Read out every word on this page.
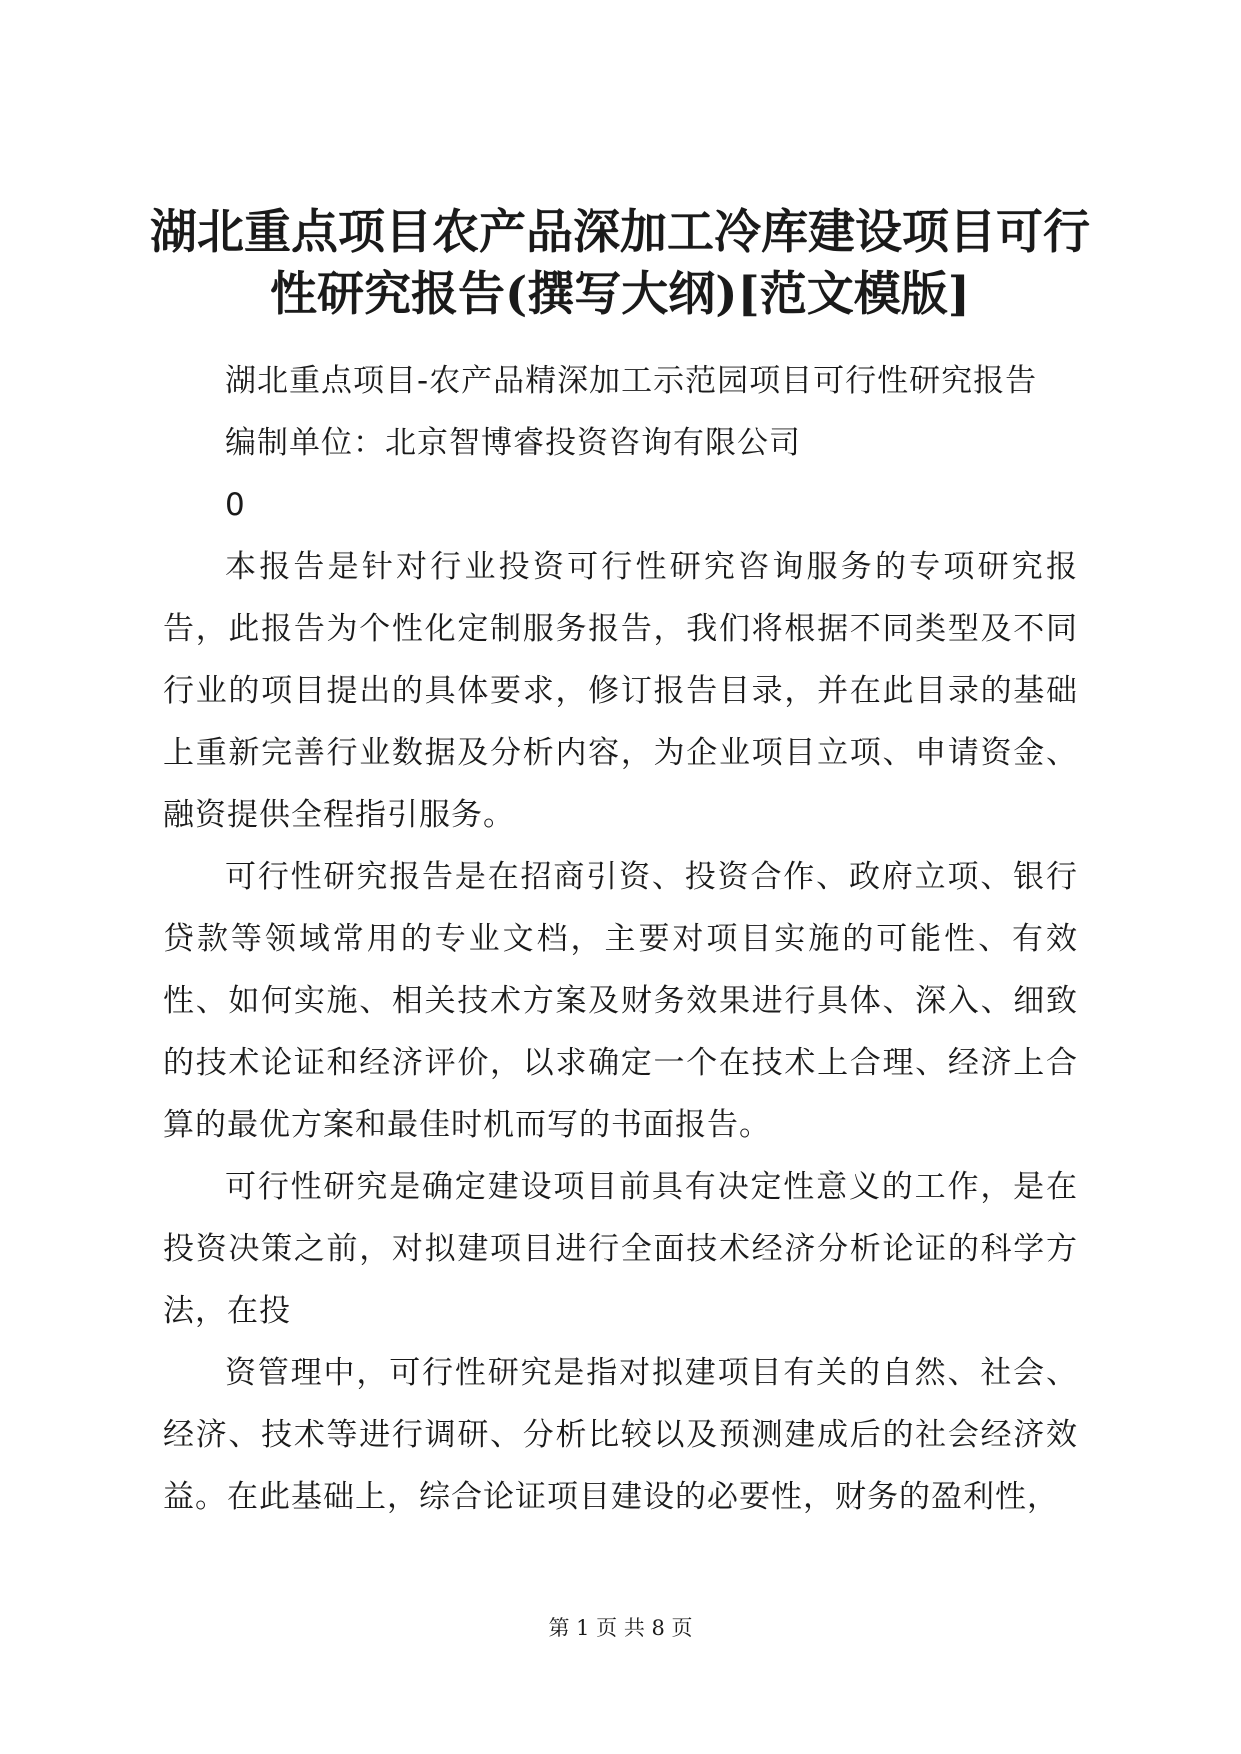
湖北重点项目农产品深加工冷库建设项目可行
性研究报告(撰写大纲)[范文模版]
湖北重点项目-农产品精深加工示范园项目可行性研究报告
编制单位：北京智博睿投资咨询有限公司
0

本报告是针对行业投资可行性研究咨询服务的专项研究报告，此报告为个性化定制服务报告，我们将根据不同类型及不同行业的项目提出的具体要求，修订报告目录，并在此目录的基础上重新完善行业数据及分析内容，为企业项目立项、申请资金、融资提供全程指引服务。

可行性研究报告是在招商引资、投资合作、政府立项、银行贷款等领域常用的专业文档，主要对项目实施的可能性、有效性、如何实施、相关技术方案及财务效果进行具体、深入、细致的技术论证和经济评价，以求确定一个在技术上合理、经济上合算的最优方案和最佳时机而写的书面报告。

可行性研究是确定建设项目前具有决定性意义的工作，是在投资决策之前，对拟建项目进行全面技术经济分析论证的科学方法，在投

资管理中，可行性研究是指对拟建项目有关的自然、社会、经济、技术等进行调研、分析比较以及预测建成后的社会经济效益。在此基础上，综合论证项目建设的必要性，财务的盈利性，

第 1 页 共 8 页
